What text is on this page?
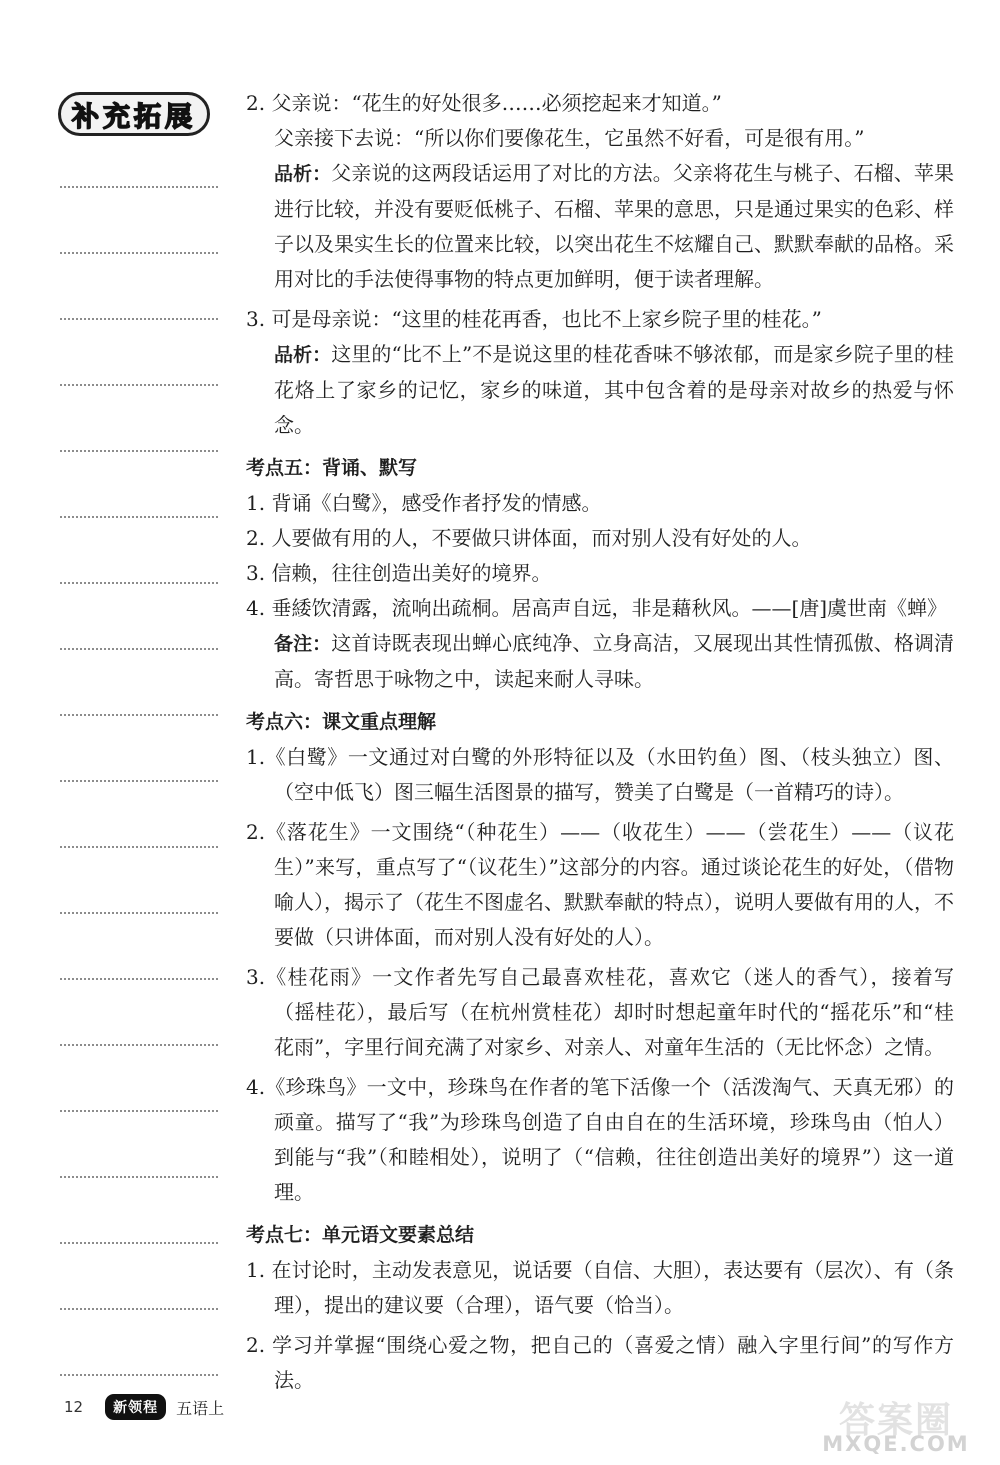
补充拓展	2. 父亲说：“花生的好处很多……必须挖起来才知道。”

父亲接下去说：“所以你们要像花生，它虽然不好看，可是很有用。”

品析：父亲说的这两段话运用了对比的方法。父亲将花生与桃子、石榴、苹果进行比较，并没有要贬低桃子、石榴、苹果的意思，只是通过果实的色彩、样子以及果实生长的位置来比较，以突出花生不炫耀自己、默默奉献的品格。采用对比的手法使得事物的特点更加鲜明，便于读者理解。

3. 可是母亲说：“这里的桂花再香，也比不上家乡院子里的桂花。”

品析：这里的“比不上”不是说这里的桂花香味不够浓郁，而是家乡院子里的桂花烙上了家乡的记忆，家乡的味道，其中包含着的是母亲对故乡的热爱与怀念。

考点五：背诵、默写

1. 背诵《白鹭》，感受作者抒发的情感。

2. 人要做有用的人，不要做只讲体面，而对别人没有好处的人。

3. 信赖，往往创造出美好的境界。

4. 垂緌饮清露，流响出疏桐。居高声自远，非是藉秋风。——[唐]虞世南《蝉》

备注：这首诗既表现出蝉心底纯净、立身高洁，又展现出其性情孤傲、格调清高。寄哲思于咏物之中，读起来耐人寻味。

考点六：课文重点理解

1.《白鹭》一文通过对白鹭的外形特征以及（水田钓鱼）图、（枝头独立）图、（空中低飞）图三幅生活图景的描写，赞美了白鹭是（一首精巧的诗）。

2.《落花生》一文围绕“（种花生）——（收花生）——（尝花生）——（议花生）”来写，重点写了“（议花生）”这部分的内容。通过谈论花生的好处，（借物喻人），揭示了（花生不图虚名、默默奉献的特点），说明人要做有用的人，不要做（只讲体面，而对别人没有好处的人）。

3.《桂花雨》一文作者先写自己最喜欢桂花，喜欢它（迷人的香气），接着写（摇桂花），最后写（在杭州赏桂花）却时时想起童年时代的“摇花乐”和“桂花雨”，字里行间充满了对家乡、对亲人、对童年生活的（无比怀念）之情。

4.《珍珠鸟》一文中，珍珠鸟在作者的笔下活像一个（活泼淘气、天真无邪）的顽童。描写了“我”为珍珠鸟创造了自由自在的生活环境，珍珠鸟由（怕人）到能与“我”（和睦相处），说明了（“信赖，往往创造出美好的境界”）这一道理。

考点七：单元语文要素总结

1. 在讨论时，主动发表意见，说话要（自信、大胆），表达要有（层次）、有（条理），提出的建议要（合理），语气要（恰当）。

2. 学习并掌握“围绕心爱之物，把自己的（喜爱之情）融入字里行间”的写作方法。

12	新领程	五语上	答案圈
MXQE.COM
